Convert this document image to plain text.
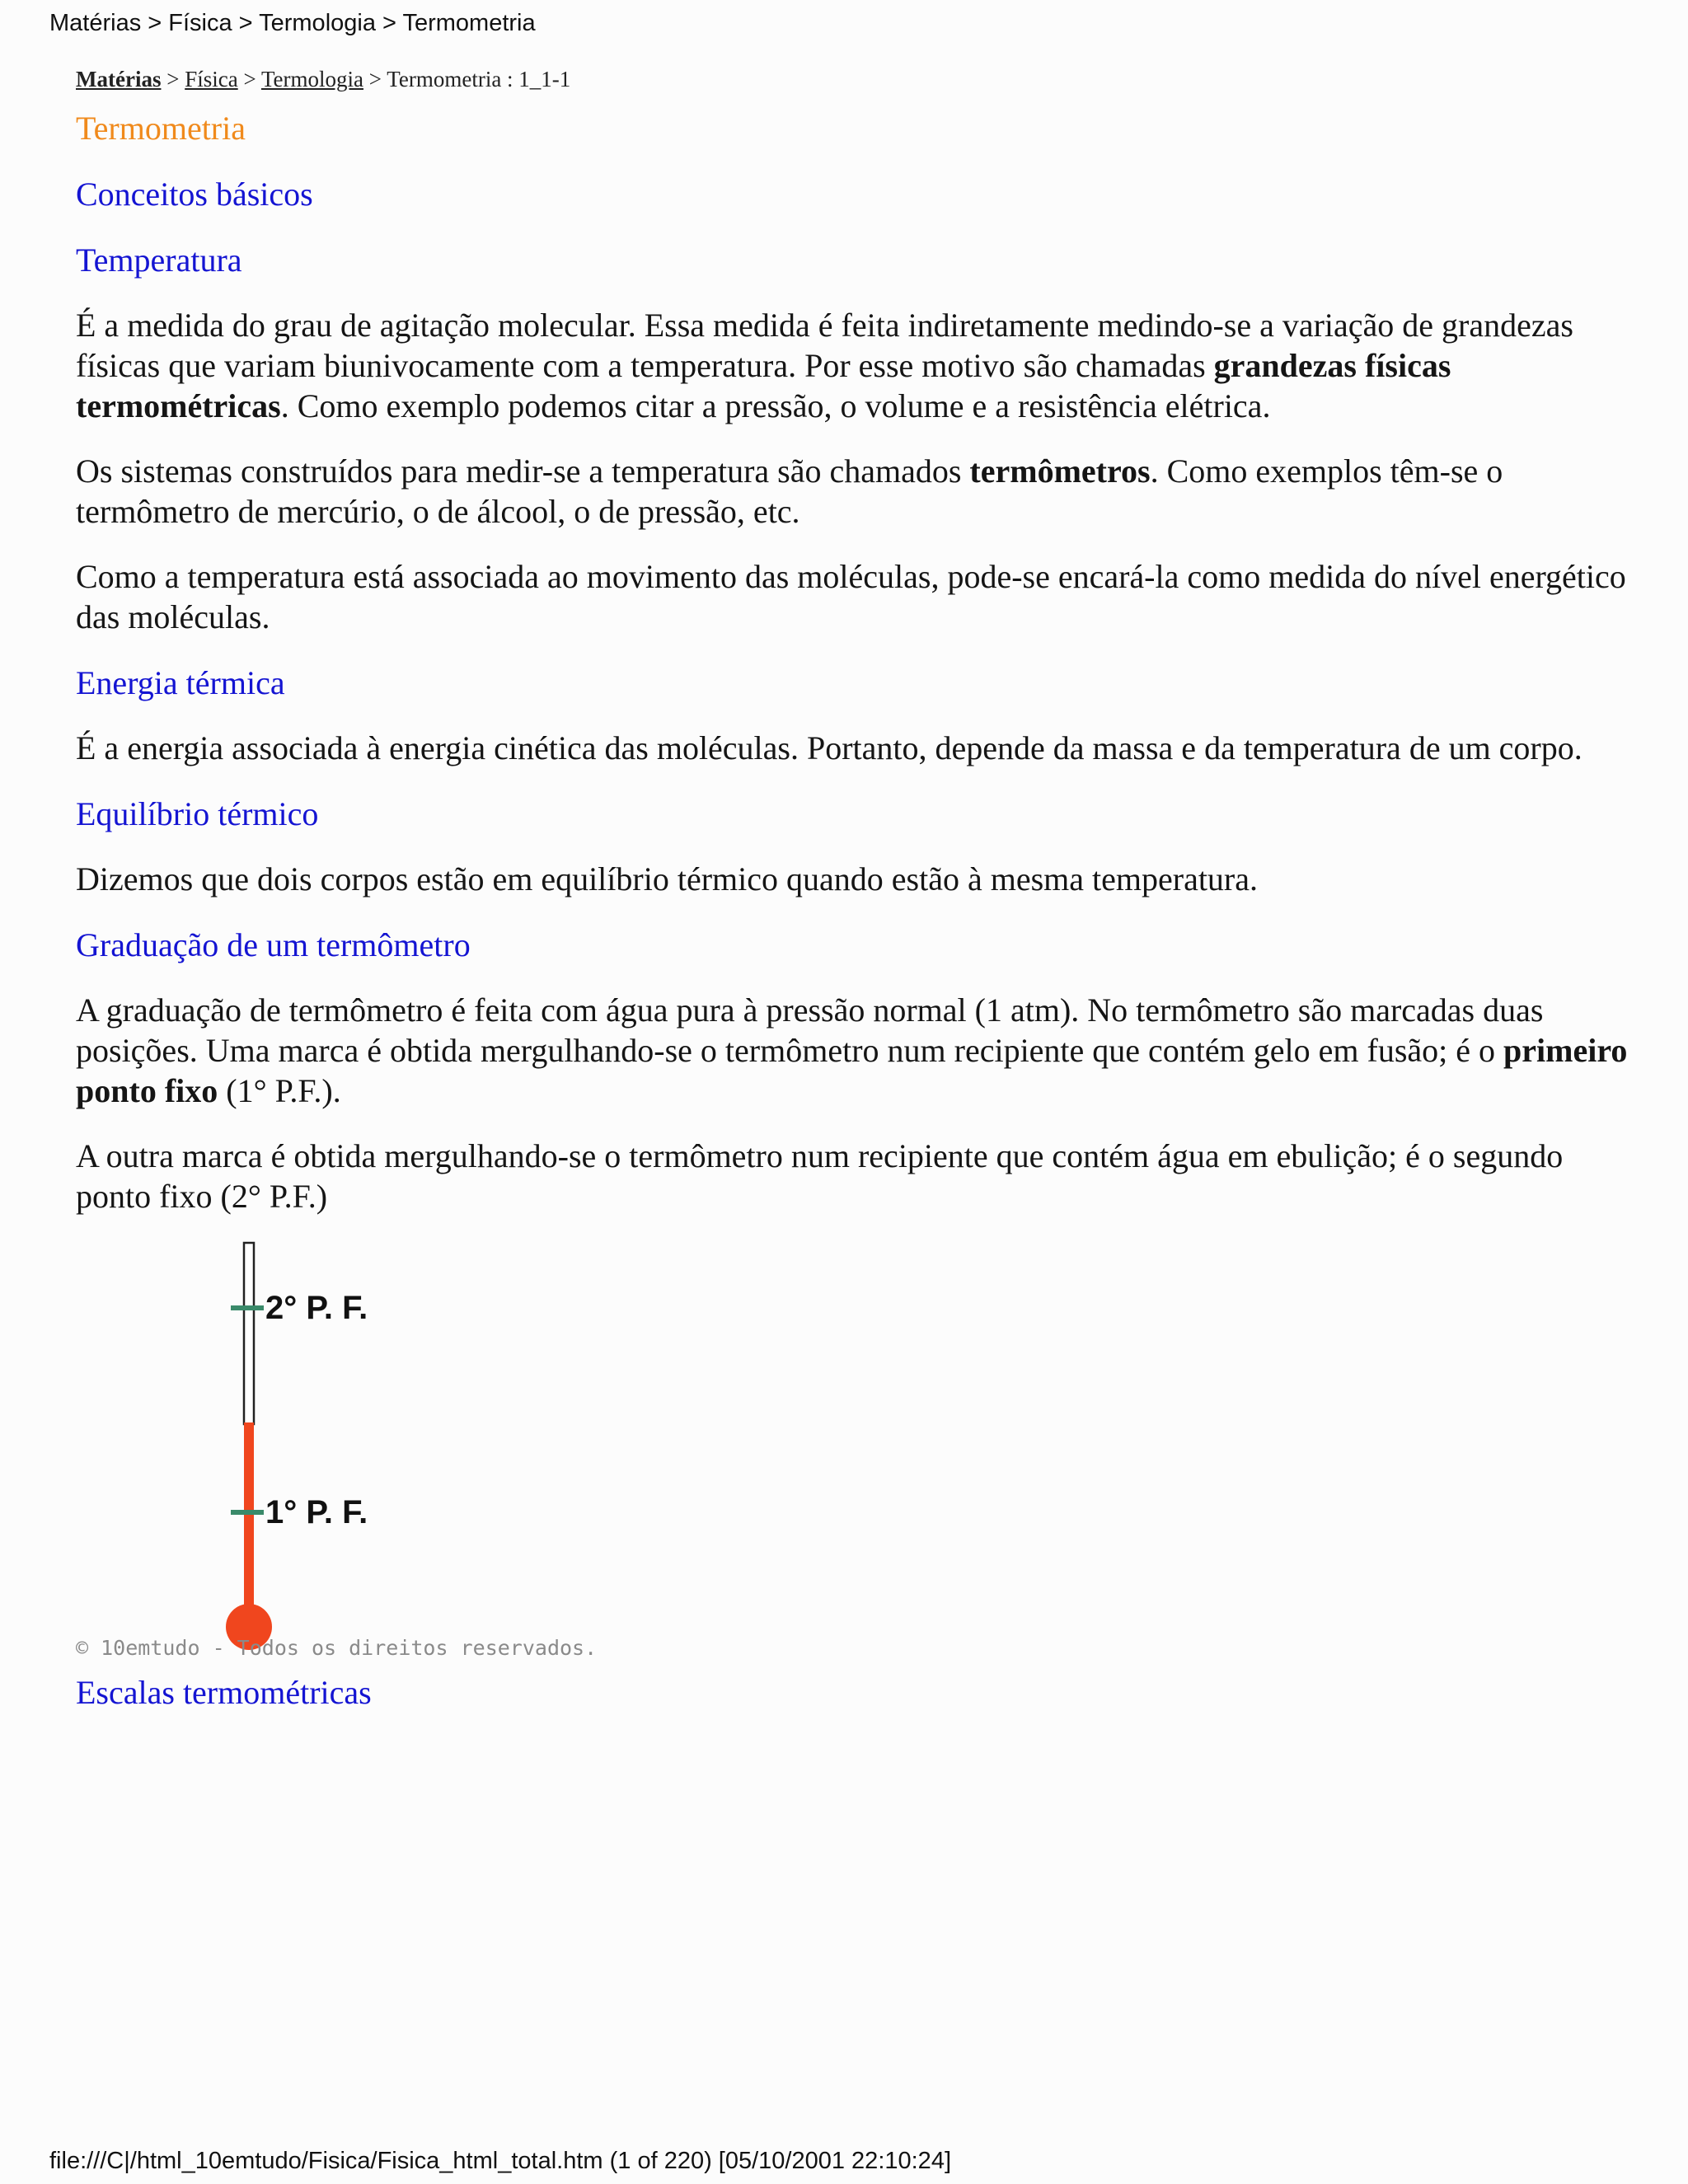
Matérias > Física > Termologia > Termometria
Matérias > Física > Termologia > Termometria : 1_1-1
Termometria
Conceitos básicos
Temperatura

É a medida do grau de agitação molecular. Essa medida é feita indiretamente medindo-se a variação de grandezas físicas que variam biunivocamente com a temperatura. Por esse motivo são chamadas grandezas físicas termométricas. Como exemplo podemos citar a pressão, o volume e a resistência elétrica.

Os sistemas construídos para medir-se a temperatura são chamados termômetros. Como exemplos têm-se o termômetro de mercúrio, o de álcool, o de pressão, etc.

Como a temperatura está associada ao movimento das moléculas, pode-se encará-la como medida do nível energético das moléculas.

Energia térmica

É a energia associada à energia cinética das moléculas. Portanto, depende da massa e da temperatura de um corpo.

Equilíbrio térmico

Dizemos que dois corpos estão em equilíbrio térmico quando estão à mesma temperatura.

Graduação de um termômetro

A graduação de termômetro é feita com água pura à pressão normal (1 atm). No termômetro são marcadas duas posições. Uma marca é obtida mergulhando-se o termômetro num recipiente que contém gelo em fusão; é o primeiro ponto fixo (1° P.F.).

A outra marca é obtida mergulhando-se o termômetro num recipiente que contém água em ebulição; é o segundo ponto fixo (2° P.F.)

2° P. F.
1° P. F.
© 10emtudo - Todos os direitos reservados.
Escalas termométricas
file:///C|/html_10emtudo/Fisica/Fisica_html_total.htm (1 of 220) [05/10/2001 22:10:24]
